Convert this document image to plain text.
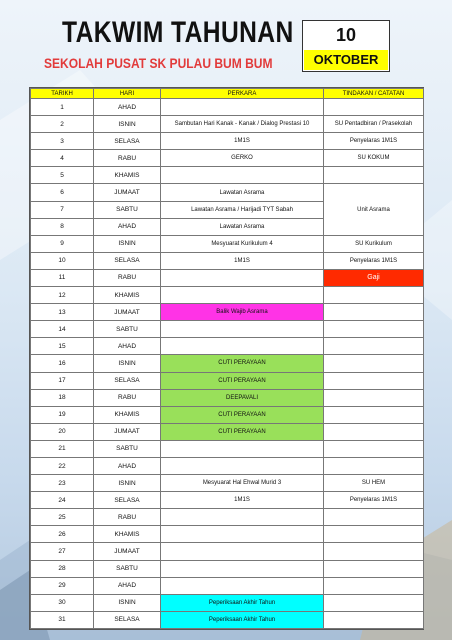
TAKWIM TAHUNAN
SEKOLAH PUSAT SK PULAU BUM BUM
10
OKTOBER
TARIKH	HARI	PERKARA	TINDAKAN / CATATAN
1	AHAD		
2	ISNIN	Sambutan Hari Kanak - Kanak / Dialog Prestasi 10	SU Pentadbiran / Prasekolah
3	SELASA	1M1S	Penyelaras 1M1S
4	RABU	GERKO	SU KOKUM
5	KHAMIS		
6	JUMAAT	Lawatan Asrama	Unit Asrama
7	SABTU	Lawatan Asrama / Harijadi TYT Sabah	
8	AHAD	Lawatan Asrama	
9	ISNIN	Mesyuarat Kurikulum 4	SU Kurikulum
10	SELASA	1M1S	Penyelaras 1M1S
11	RABU		Gaji
12	KHAMIS		
13	JUMAAT	Balik Wajib Asrama	
14	SABTU		
15	AHAD		
16	ISNIN	CUTI PERAYAAN	
17	SELASA	CUTI PERAYAAN	
18	RABU	DEEPAVALI	
19	KHAMIS	CUTI PERAYAAN	
20	JUMAAT	CUTI PERAYAAN	
21	SABTU		
22	AHAD		
23	ISNIN	Mesyuarat Hal Ehwal Murid 3	SU HEM
24	SELASA	1M1S	Penyelaras 1M1S
25	RABU		
26	KHAMIS		
27	JUMAAT		
28	SABTU		
29	AHAD		
30	ISNIN	Peperiksaan Akhir Tahun	
31	SELASA	Peperiksaan Akhir Tahun	
